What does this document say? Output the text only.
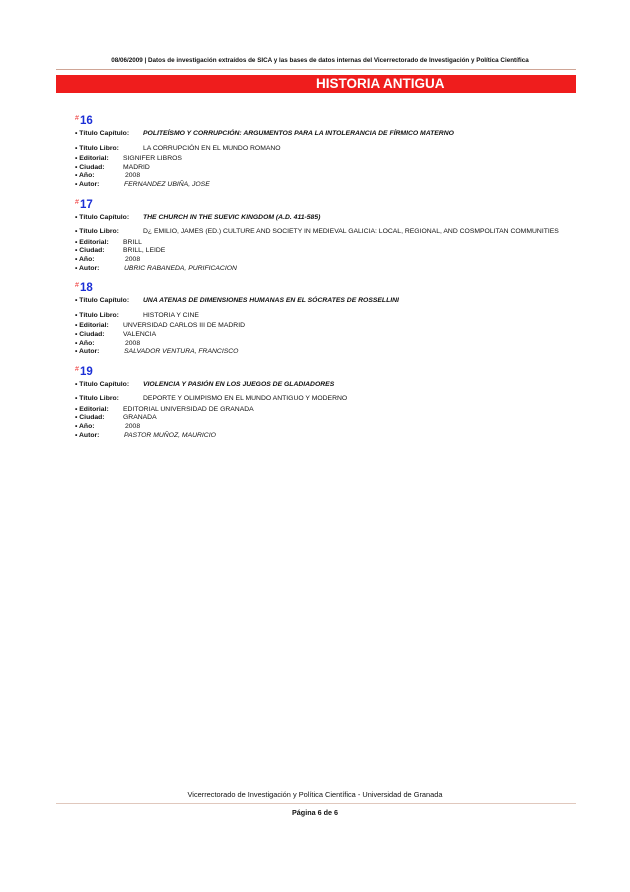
08/06/2009 | Datos de investigación extraídos de SICA y las bases de datos internas del Vicerrectorado de Investigación y Política Científica
HISTORIA ANTIGUA
# 16
• Título Capítulo:	POLITEÍSMO Y CORRUPCIÓN: ARGUMENTOS PARA LA INTOLERANCIA DE FÍRMICO MATERNO
• Título Libro:	LA CORRUPCIÓN EN EL MUNDO ROMANO
• Editorial:	SIGNIFER LIBROS
• Ciudad:	MADRID
• Año:	2008
• Autor:	FERNANDEZ UBIÑA, JOSE
# 17
• Título Capítulo:	THE CHURCH IN THE SUEVIC KINGDOM (A.D. 411-585)
• Título Libro:	D¿ EMILIO, JAMES (ED.) CULTURE AND SOCIETY IN MEDIEVAL GALICIA: LOCAL, REGIONAL, AND COSMPOLITAN COMMUNITIES
• Editorial:	BRILL
• Ciudad:	BRILL, LEIDE
• Año:	2008
• Autor:	UBRIC RABANEDA, PURIFICACION
# 18
• Título Capítulo:	UNA ATENAS DE DIMENSIONES HUMANAS EN EL SÓCRATES DE ROSSELLINI
• Título Libro:	HISTORIA Y CINE
• Editorial:	UNVERSIDAD CARLOS III DE MADRID
• Ciudad:	VALENCIA
• Año:	2008
• Autor:	SALVADOR VENTURA, FRANCISCO
# 19
• Título Capítulo:	VIOLENCIA Y PASIÓN EN LOS JUEGOS DE GLADIADORES
• Título Libro:	DEPORTE Y OLIMPISMO EN EL MUNDO ANTIGUO Y MODERNO
• Editorial:	EDITORIAL UNIVERSIDAD DE GRANADA
• Ciudad:	GRANADA
• Año:	2008
• Autor:	PASTOR MUÑOZ, MAURICIO
Vicerrectorado de Investigación y Política Científica - Universidad de Granada
Página 6 de 6
